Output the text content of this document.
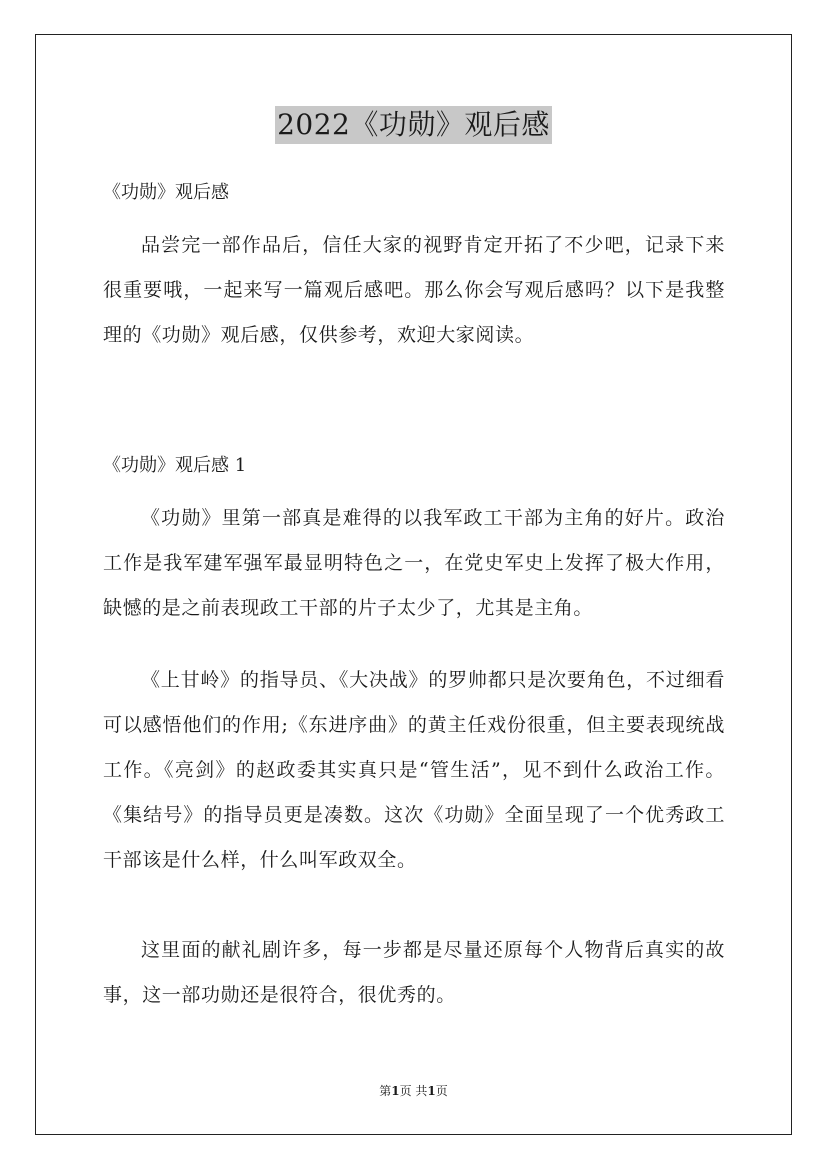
2022《功勋》观后感
《功勋》观后感

品尝完一部作品后，信任大家的视野肯定开拓了不少吧，记录下来很重要哦，一起来写一篇观后感吧。那么你会写观后感吗？以下是我整理的《功勋》观后感，仅供参考，欢迎大家阅读。

《功勋》观后感 1

《功勋》里第一部真是难得的以我军政工干部为主角的好片。政治工作是我军建军强军最显明特色之一，在党史军史上发挥了极大作用，缺憾的是之前表现政工干部的片子太少了，尤其是主角。

《上甘岭》的指导员、《大决战》的罗帅都只是次要角色，不过细看可以感悟他们的作用;《东进序曲》的黄主任戏份很重，但主要表现统战工作。《亮剑》的赵政委其实真只是“管生活”，见不到什么政治工作。《集结号》的指导员更是凑数。这次《功勋》全面呈现了一个优秀政工干部该是什么样，什么叫军政双全。

这里面的献礼剧许多，每一步都是尽量还原每个人物背后真实的故事，这一部功勋还是很符合，很优秀的。

第1页 共1页
